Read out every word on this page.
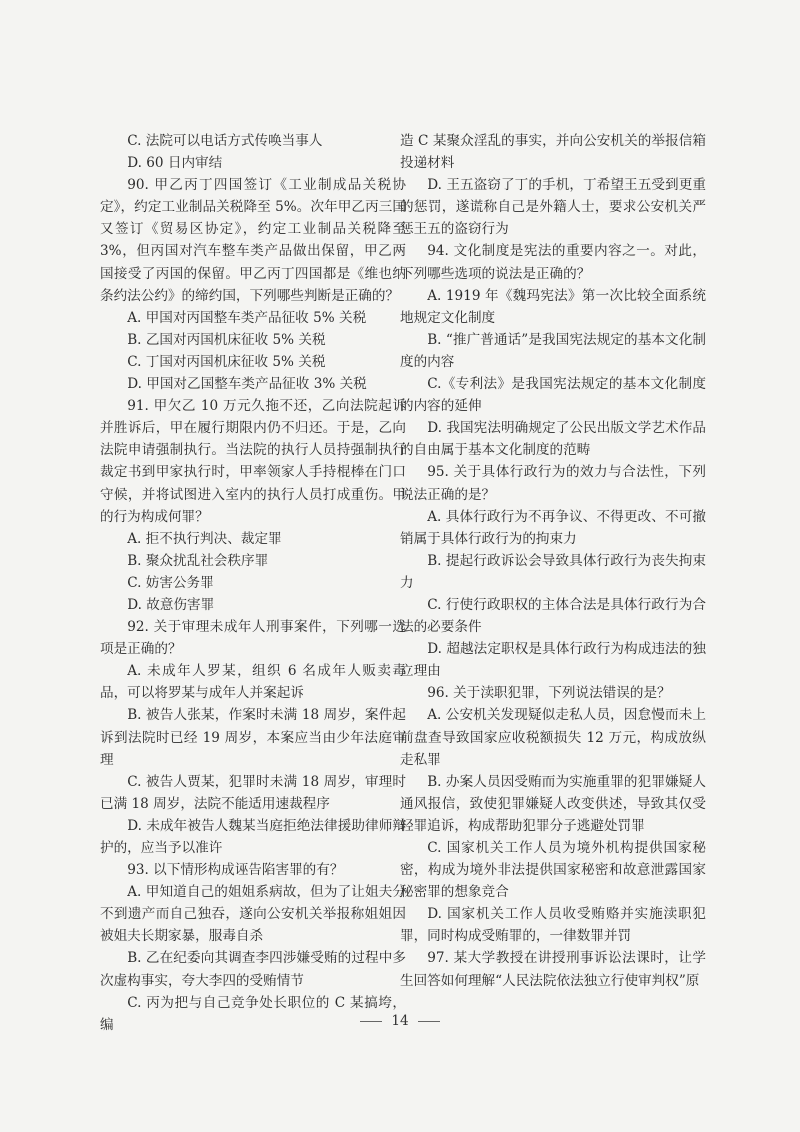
C. 法院可以电话方式传唤当事人

D. 60 日内审结

90. 甲乙丙丁四国签订《工业制成品关税协定》，约定工业制品关税降至 5%。次年甲乙丙三国又签订《贸易区协定》，约定工业制品关税降至 3%，但丙国对汽车整车类产品做出保留，甲乙两国接受了丙国的保留。甲乙丙丁四国都是《维也纳条约法公约》的缔约国，下列哪些判断是正确的？

A. 甲国对丙国整车类产品征收 5% 关税

B. 乙国对丙国机床征收 5% 关税

C. 丁国对丙国机床征收 5% 关税

D. 甲国对乙国整车类产品征收 3% 关税

91. 甲欠乙 10 万元久拖不还，乙向法院起诉并胜诉后，甲在履行期限内仍不归还。于是，乙向法院申请强制执行。当法院的执行人员持强制执行裁定书到甲家执行时，甲率领家人手持棍棒在门口守候，并将试图进入室内的执行人员打成重伤。甲的行为构成何罪？

A. 拒不执行判决、裁定罪

B. 聚众扰乱社会秩序罪

C. 妨害公务罪

D. 故意伤害罪

92. 关于审理未成年人刑事案件，下列哪一选项是正确的？

A. 未成年人罗某，组织 6 名成年人贩卖毒品，可以将罗某与成年人并案起诉

B. 被告人张某，作案时未满 18 周岁，案件起诉到法院时已经 19 周岁，本案应当由少年法庭审理

C. 被告人贾某，犯罪时未满 18 周岁，审理时已满 18 周岁，法院不能适用速裁程序

D. 未成年被告人魏某当庭拒绝法律援助律师辩护的，应当予以准许

93. 以下情形构成诬告陷害罪的有？

A. 甲知道自己的姐姐系病故，但为了让姐夫分不到遗产而自己独吞，遂向公安机关举报称姐姐因被姐夫长期家暴，服毒自杀

B. 乙在纪委向其调查李四涉嫌受贿的过程中多次虚构事实，夸大李四的受贿情节

C. 丙为把与自己竞争处长职位的 C 某搞垮，编

造 C 某聚众淫乱的事实，并向公安机关的举报信箱投递材料

D. 王五盗窃了丁的手机，丁希望王五受到更重的惩罚，遂谎称自己是外籍人士，要求公安机关严惩王五的盗窃行为

94. 文化制度是宪法的重要内容之一。对此，下列哪些选项的说法是正确的？

A. 1919 年《魏玛宪法》第一次比较全面系统地规定文化制度

B. “推广普通话”是我国宪法规定的基本文化制度的内容

C.《专利法》是我国宪法规定的基本文化制度的内容的延伸

D. 我国宪法明确规定了公民出版文学艺术作品的自由属于基本文化制度的范畴

95. 关于具体行政行为的效力与合法性，下列说法正确的是？

A. 具体行政行为不再争议、不得更改、不可撤销属于具体行政行为的拘束力

B. 提起行政诉讼会导致具体行政行为丧失拘束力

C. 行使行政职权的主体合法是具体行政行为合法的必要条件

D. 超越法定职权是具体行政行为构成违法的独立理由

96. 关于渎职犯罪，下列说法错误的是？

A. 公安机关发现疑似走私人员，因怠慢而未上前盘查导致国家应收税额损失 12 万元，构成放纵走私罪

B. 办案人员因受贿而为实施重罪的犯罪嫌疑人通风报信，致使犯罪嫌疑人改变供述，导致其仅受轻罪追诉，构成帮助犯罪分子逃避处罚罪

C. 国家机关工作人员为境外机构提供国家秘密，构成为境外非法提供国家秘密和故意泄露国家秘密罪的想象竞合

D. 国家机关工作人员收受贿赂并实施渎职犯罪，同时构成受贿罪的，一律数罪并罚

97. 某大学教授在讲授刑事诉讼法课时，让学生回答如何理解“人民法院依法独立行使审判权”原

14
